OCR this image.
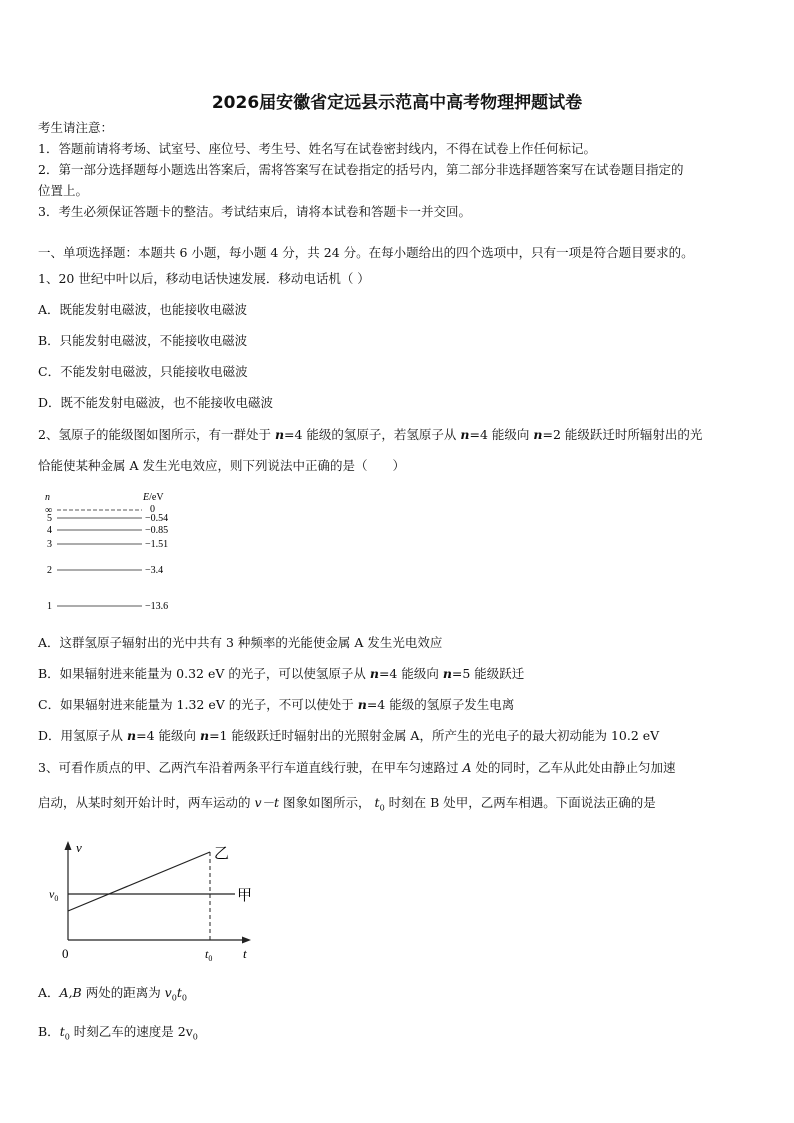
2026届安徽省定远县示范高中高考物理押题试卷
考生请注意：
1．答题前请将考场、试室号、座位号、考生号、姓名写在试卷密封线内，不得在试卷上作任何标记。
2．第一部分选择题每小题选出答案后，需将答案写在试卷指定的括号内，第二部分非选择题答案写在试卷题目指定的
位置上。
3．考生必须保证答题卡的整洁。考试结束后，请将本试卷和答题卡一并交回。
一、单项选择题：本题共 6 小题，每小题 4 分，共 24 分。在每小题给出的四个选项中，只有一项是符合题目要求的。
1、20 世纪中叶以后，移动电话快速发展．移动电话机（ ）
A．既能发射电磁波，也能接收电磁波
B．只能发射电磁波，不能接收电磁波
C．不能发射电磁波，只能接收电磁波
D．既不能发射电磁波，也不能接收电磁波
2、氢原子的能级图如图所示，有一群处于 n=4 能级的氢原子，若氢原子从 n=4 能级向 n=2 能级跃迁时所辐射出的光
恰能使某种金属 A 发生光电效应，则下列说法中正确的是（　　）
n	E/eV
∞	0
5	−0.54
4	−0.85
3	−1.51
2	−3.4
1	−13.6
A．这群氢原子辐射出的光中共有 3 种频率的光能使金属 A 发生光电效应
B．如果辐射进来能量为 0.32 eV 的光子，可以使氢原子从 n=4 能级向 n=5 能级跃迁
C．如果辐射进来能量为 1.32 eV 的光子，不可以使处于 n=4 能级的氢原子发生电离
D．用氢原子从 n=4 能级向 n=1 能级跃迁时辐射出的光照射金属 A，所产生的光电子的最大初动能为 10.2 eV
3、可看作质点的甲、乙两汽车沿着两条平行车道直线行驶，在甲车匀速路过 A 处的同时，乙车从此处由静止匀加速
启动，从某时刻开始计时，两车运动的 v－t 图象如图所示， $t_0$ 时刻在 B 处甲，乙两车相遇。下面说法正确的是
v
t
0
$v_0$
$t_0$
甲
乙
A．A,B 两处的距离为 $v_0t_0$
B．$t_0$ 时刻乙车的速度是 $2v_0$
